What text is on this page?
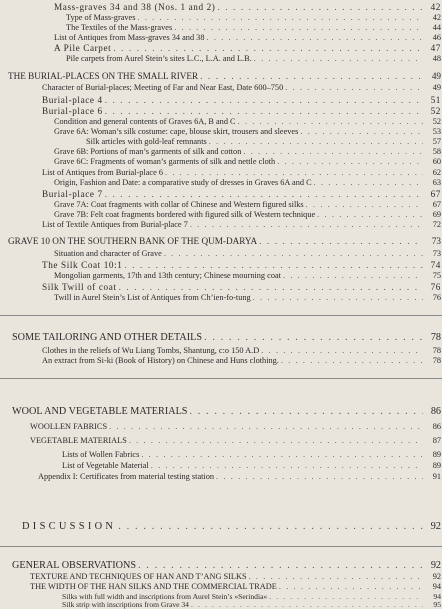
Mass-graves 34 and 38 (Nos. 1 and 2) . . .	42
Type of Mass-graves . . .	42
The Textiles of the Mass-graves . . .	44
List of Antiques from Mass-graves 34 and 38 . . .	46
A Pile Carpet . . .	47
Pile carpets from Aurel Stein’s sites L.C., L.A. and L.B. . . .	48
THE BURIAL-PLACES ON THE SMALL RIVER . . .	49
Character of Burial-places; Meeting of Far and Near East, Date 600–750 . . .	49
Burial-place 4 . . .	51
Burial-place 6 . . .	52
Condition and general contents of Graves 6A, B and C . . .	52
Grave 6A: Woman’s silk costume: cape, blouse skirt, trousers and sleeves . . .	53
Silk articles with gold-leaf remnants . . .	57
Grave 6B: Portions of man’s garments of silk and cotton . . .	58
Grave 6C: Fragments of woman’s garments of silk and nettle cloth . . .	60
List of Antiques from Burial-place 6 . . .	62
Origin, Fashion and Date: a comparative study of dresses in Graves 6A and C . . .	63
Burial-place 7 . . .	67
Grave 7A: Coat fragments with collar of Chinese and Western figured silks . . .	67
Grave 7B: Felt coat fragments bordered with figured silk of Western technique . . .	69
List of Textile Antiques from Burial-place 7 . . .	72
GRAVE 10 ON THE SOUTHERN BANK OF THE QUM-DARYA . . .	73
Situation and character of Grave . . .	73
The Silk Coat 10:1 . . .	74
Mongolian garments, 17th and 13th century; Chinese mourning coat . . .	75
Silk Twill of coat . . .	76
Twill in Aurel Stein’s List of Antiques from Ch’ien-fo-tung . . .	76
SOME TAILORING AND OTHER DETAILS . . .	78
Clothes in the reliefs of Wu Liang Tombs, Shantung, c:o 150 A.D . . .	78
An extract from Si-ki (Book of History) on Chinese and Huns clothing. . . .	78
WOOL AND VEGETABLE MATERIALS . . .	86
WOOLLEN FABRICS . . .	86
VEGETABLE MATERIALS . . .	87
Lists of Wollen Fabrics . . .	89
List of Vegetable Material . . .	89
Appendix I: Certificates from material testing station . . .	91
DISCUSSION . . .	92
GENERAL OBSERVATIONS . . .	92
TEXTURE AND TECHNIQUES OF HAN AND T’ANG SILKS . . .	92
THE WIDTH OF THE HAN SILKS AND THE COMMERCIAL TRADE . . .	94
Silks with full width and inscriptions from Aurel Stein’s »Serindia« . . .	94
Silk strip with inscriptions from Grave 34 . . .	95
